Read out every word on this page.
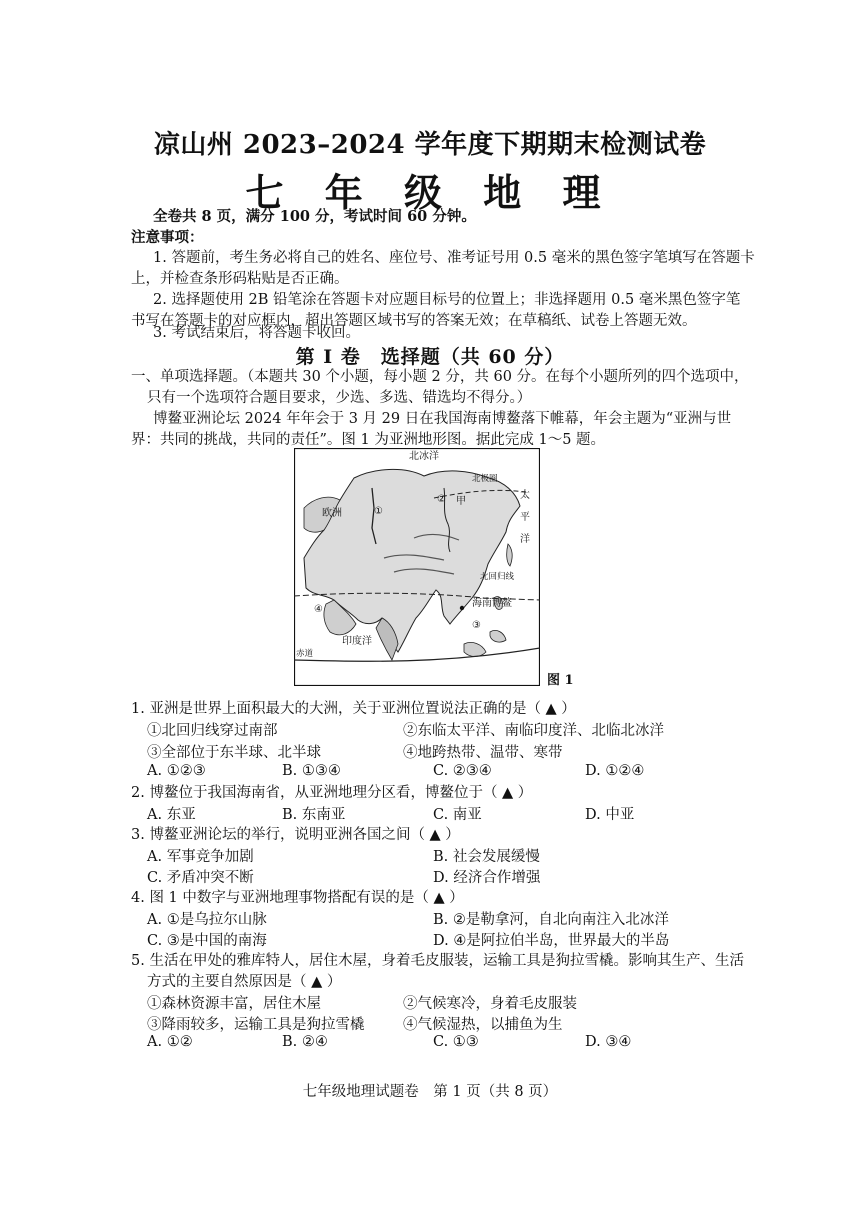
凉山州 2023–2024 学年度下期期末检测试卷
七 年 级 地 理
全卷共 8 页，满分 100 分，考试时间 60 分钟。
注意事项：
1. 答题前，考生务必将自己的姓名、座位号、准考证号用 0.5 毫米的黑色签字笔填写在答题卡
上，并检查条形码粘贴是否正确。
2. 选择题使用 2B 铅笔涂在答题卡对应题目标号的位置上；非选择题用 0.5 毫米黑色签字笔
书写在答题卡的对应框内，超出答题区域书写的答案无效；在草稿纸、试卷上答题无效。
3. 考试结束后，将答题卡收回。
第 Ⅰ 卷　选择题（共 60 分）
一、单项选择题。（本题共 30 个小题，每小题 2 分，共 60 分。在每个小题所列的四个选项中，
只有一个选项符合题目要求，少选、多选、错选均不得分。）
博鳌亚洲论坛 2024 年年会于 3 月 29 日在我国海南博鳌落下帷幕，年会主题为“亚洲与世
界：共同的挑战，共同的责任”。图 1 为亚洲地形图。据此完成 1～5 题。
北冰洋
北极圈
甲
太
平
洋
欧洲
北回归线
海南博鳌
印度洋
赤道
①
②
③
④
图 1
1. 亚洲是世界上面积最大的大洲，关于亚洲位置说法正确的是（ ▲ ）
①北回归线穿过南部	②东临太平洋、南临印度洋、北临北冰洋
③全部位于东半球、北半球	④地跨热带、温带、寒带
A. ①②③	B. ①③④	C. ②③④	D. ①②④
2. 博鳌位于我国海南省，从亚洲地理分区看，博鳌位于（ ▲ ）
A. 东亚	B. 东南亚	C. 南亚	D. 中亚
3. 博鳌亚洲论坛的举行，说明亚洲各国之间（ ▲ ）
A. 军事竞争加剧	B. 社会发展缓慢
C. 矛盾冲突不断	D. 经济合作增强
4. 图 1 中数字与亚洲地理事物搭配有误的是（ ▲ ）
A. ①是乌拉尔山脉	B. ②是勒拿河，自北向南注入北冰洋
C. ③是中国的南海	D. ④是阿拉伯半岛，世界最大的半岛
5. 生活在甲处的雅库特人，居住木屋，身着毛皮服装，运输工具是狗拉雪橇。影响其生产、生活
方式的主要自然原因是（ ▲ ）
①森林资源丰富，居住木屋	②气候寒冷，身着毛皮服装
③降雨较多，运输工具是狗拉雪橇	④气候湿热，以捕鱼为生
A. ①②	B. ②④	C. ①③	D. ③④
七年级地理试题卷　第 1 页（共 8 页）
